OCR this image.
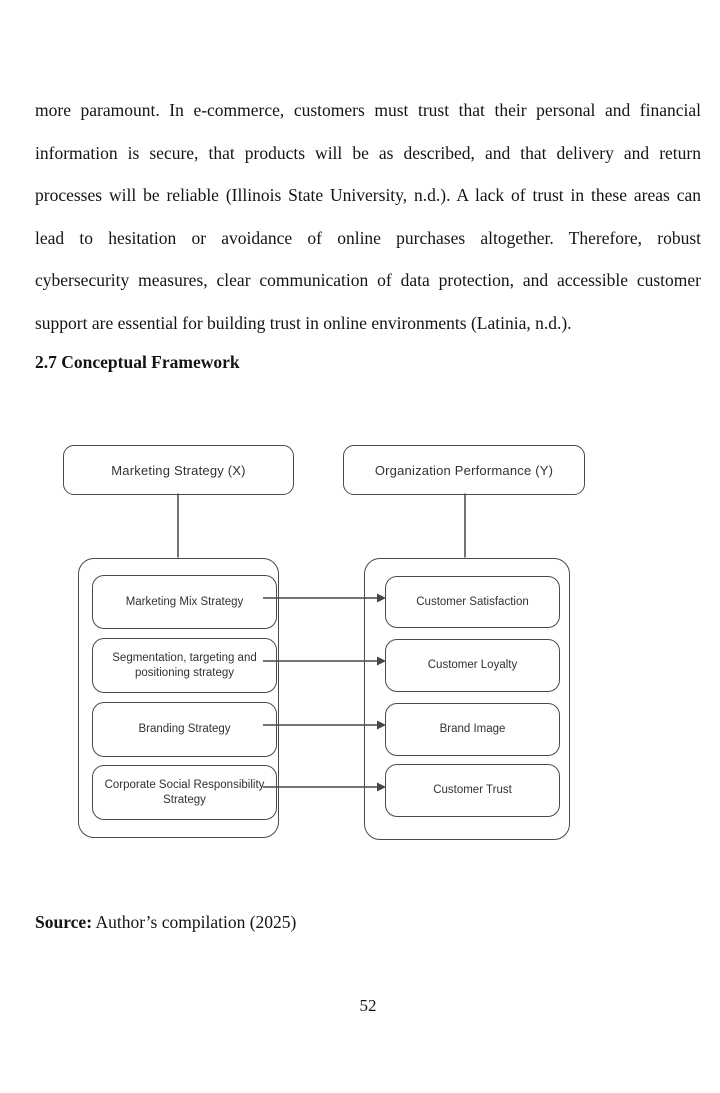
more paramount. In e-commerce, customers must trust that their personal and financial
information is secure, that products will be as described, and that delivery and return
processes will be reliable (Illinois State University, n.d.). A lack of trust in these areas can
lead to hesitation or avoidance of online purchases altogether. Therefore, robust
cybersecurity measures, clear communication of data protection, and accessible customer
support are essential for building trust in online environments (Latinia, n.d.).
2.7 Conceptual Framework
Marketing Strategy (X)	Organization Performance (Y)
Marketing Mix Strategy
Segmentation, targeting and positioning strategy
Branding Strategy
Corporate Social Responsibility Strategy
Customer Satisfaction
Customer Loyalty
Brand Image
Customer Trust
Source: Author’s compilation (2025)
52
